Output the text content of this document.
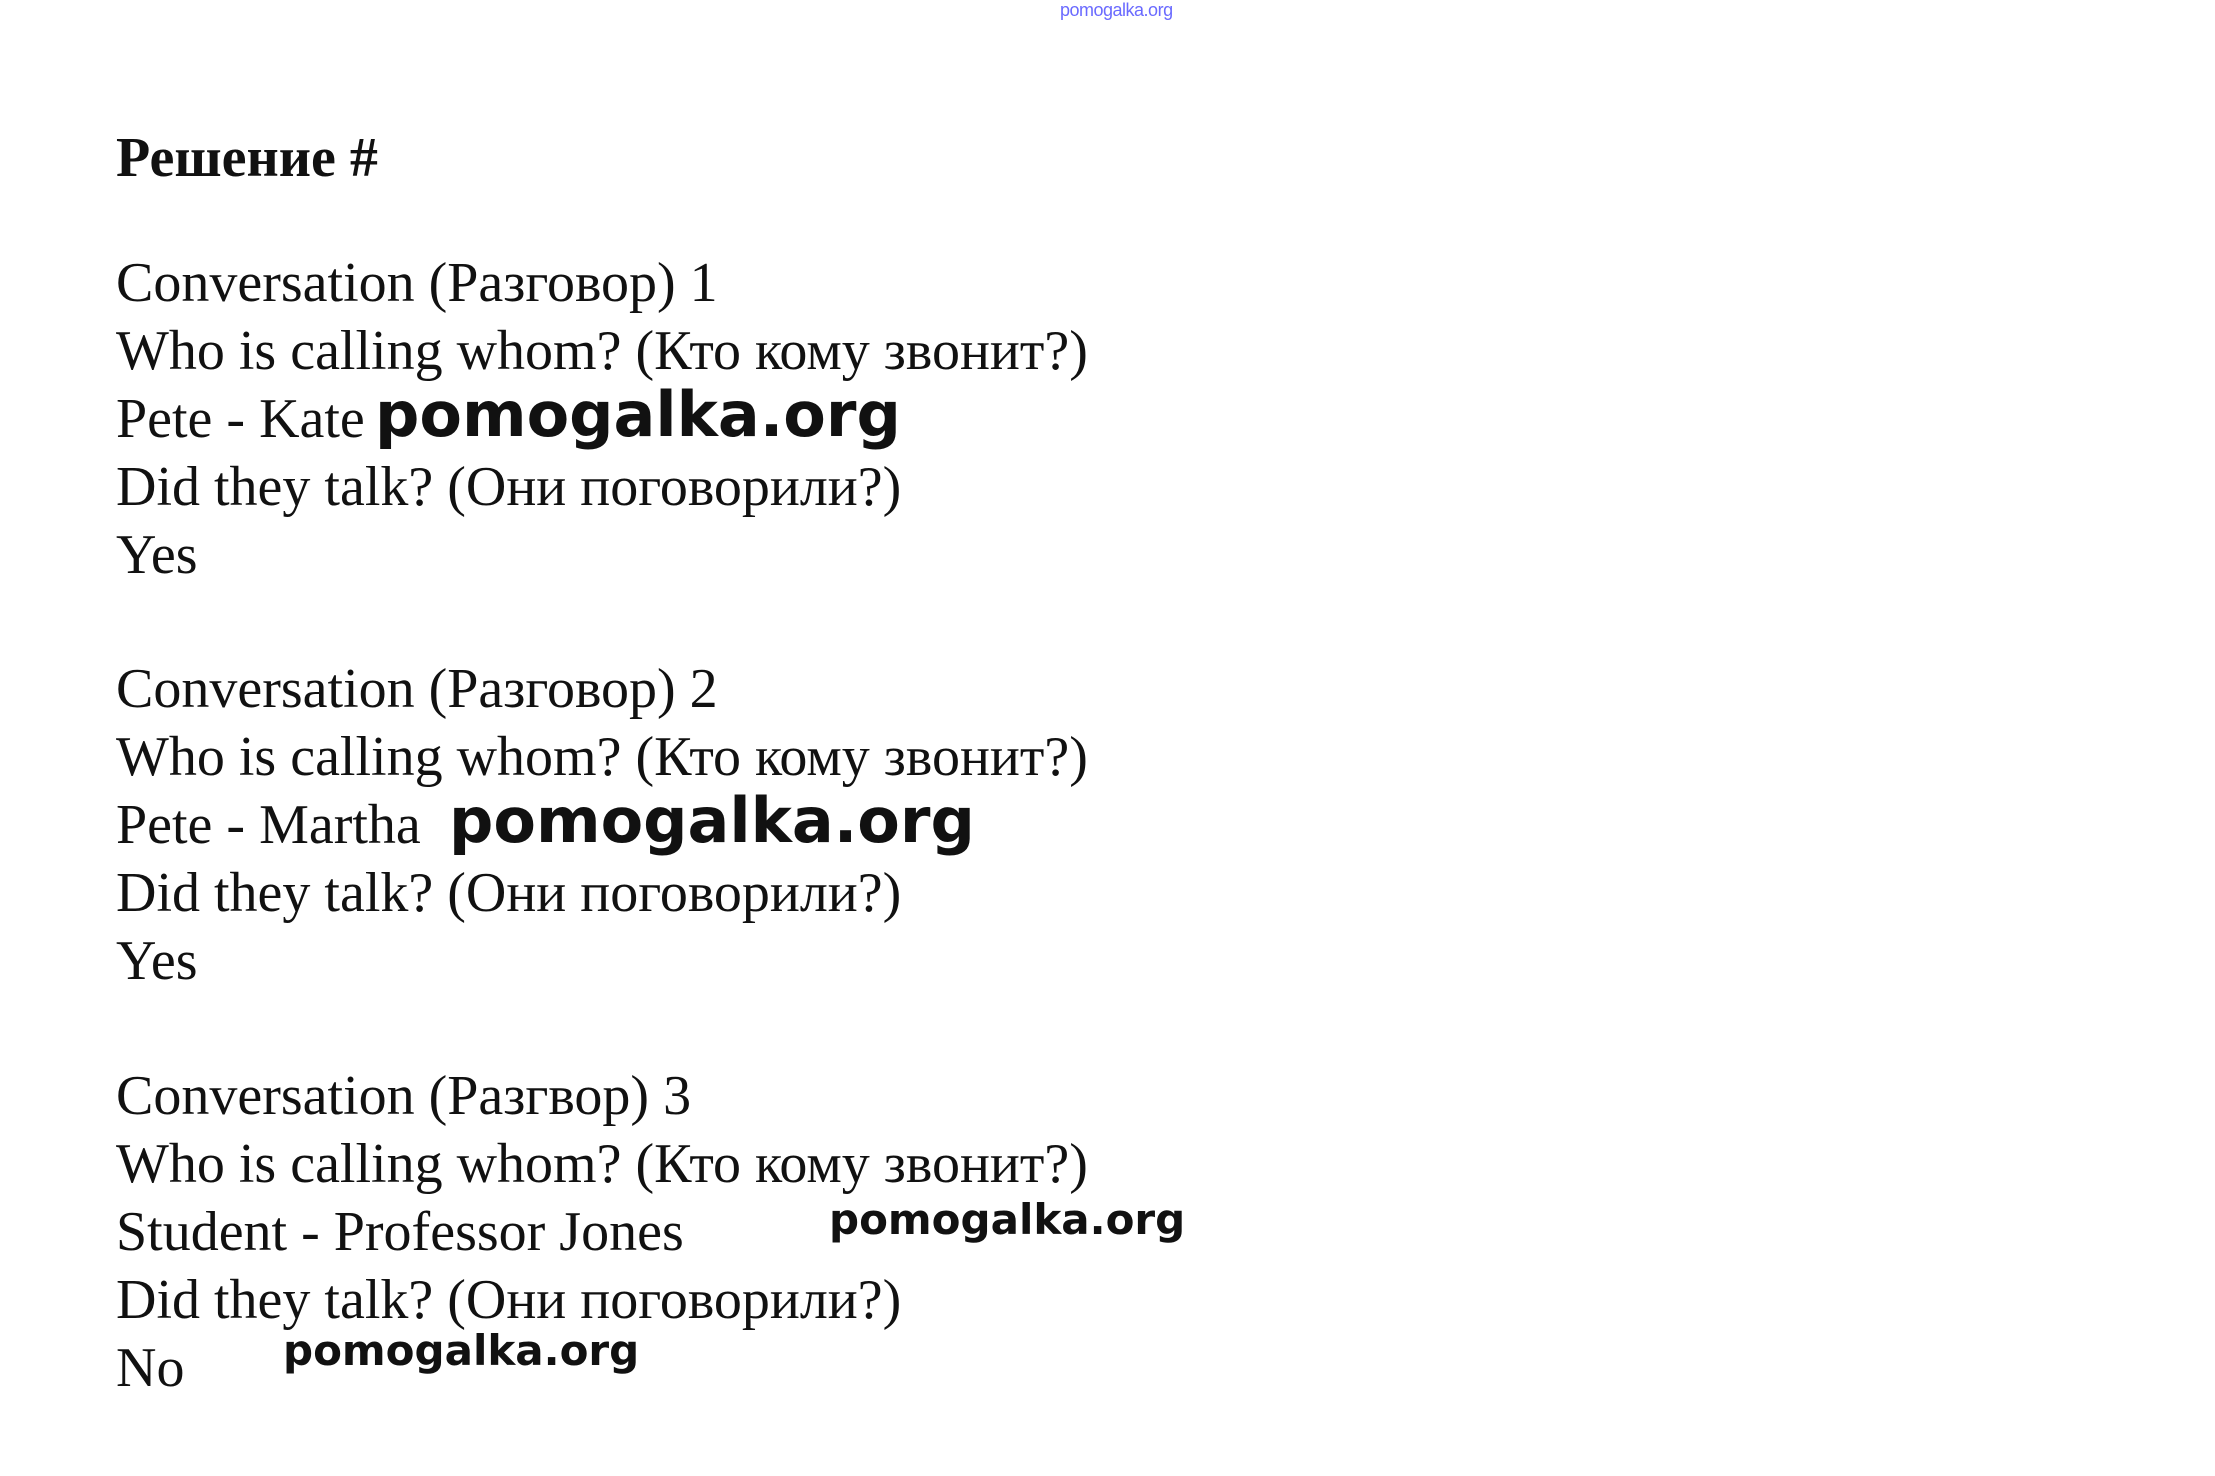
pomogalka.org
Решение #
Conversation (Разговор) 1
Who is calling whom? (Кто кому звонит?)
Pete - Kate
Did they talk? (Они поговорили?)
Yes
Conversation (Разговор) 2
Who is calling whom? (Кто кому звонит?)
Pete - Martha
Did they talk? (Они поговорили?)
Yes
Conversation (Разгвор) 3
Who is calling whom? (Кто кому звонит?)
Student - Professor Jones
Did they talk? (Они поговорили?)
No
pomogalka.org
pomogalka.org
pomogalka.org
pomogalka.org
